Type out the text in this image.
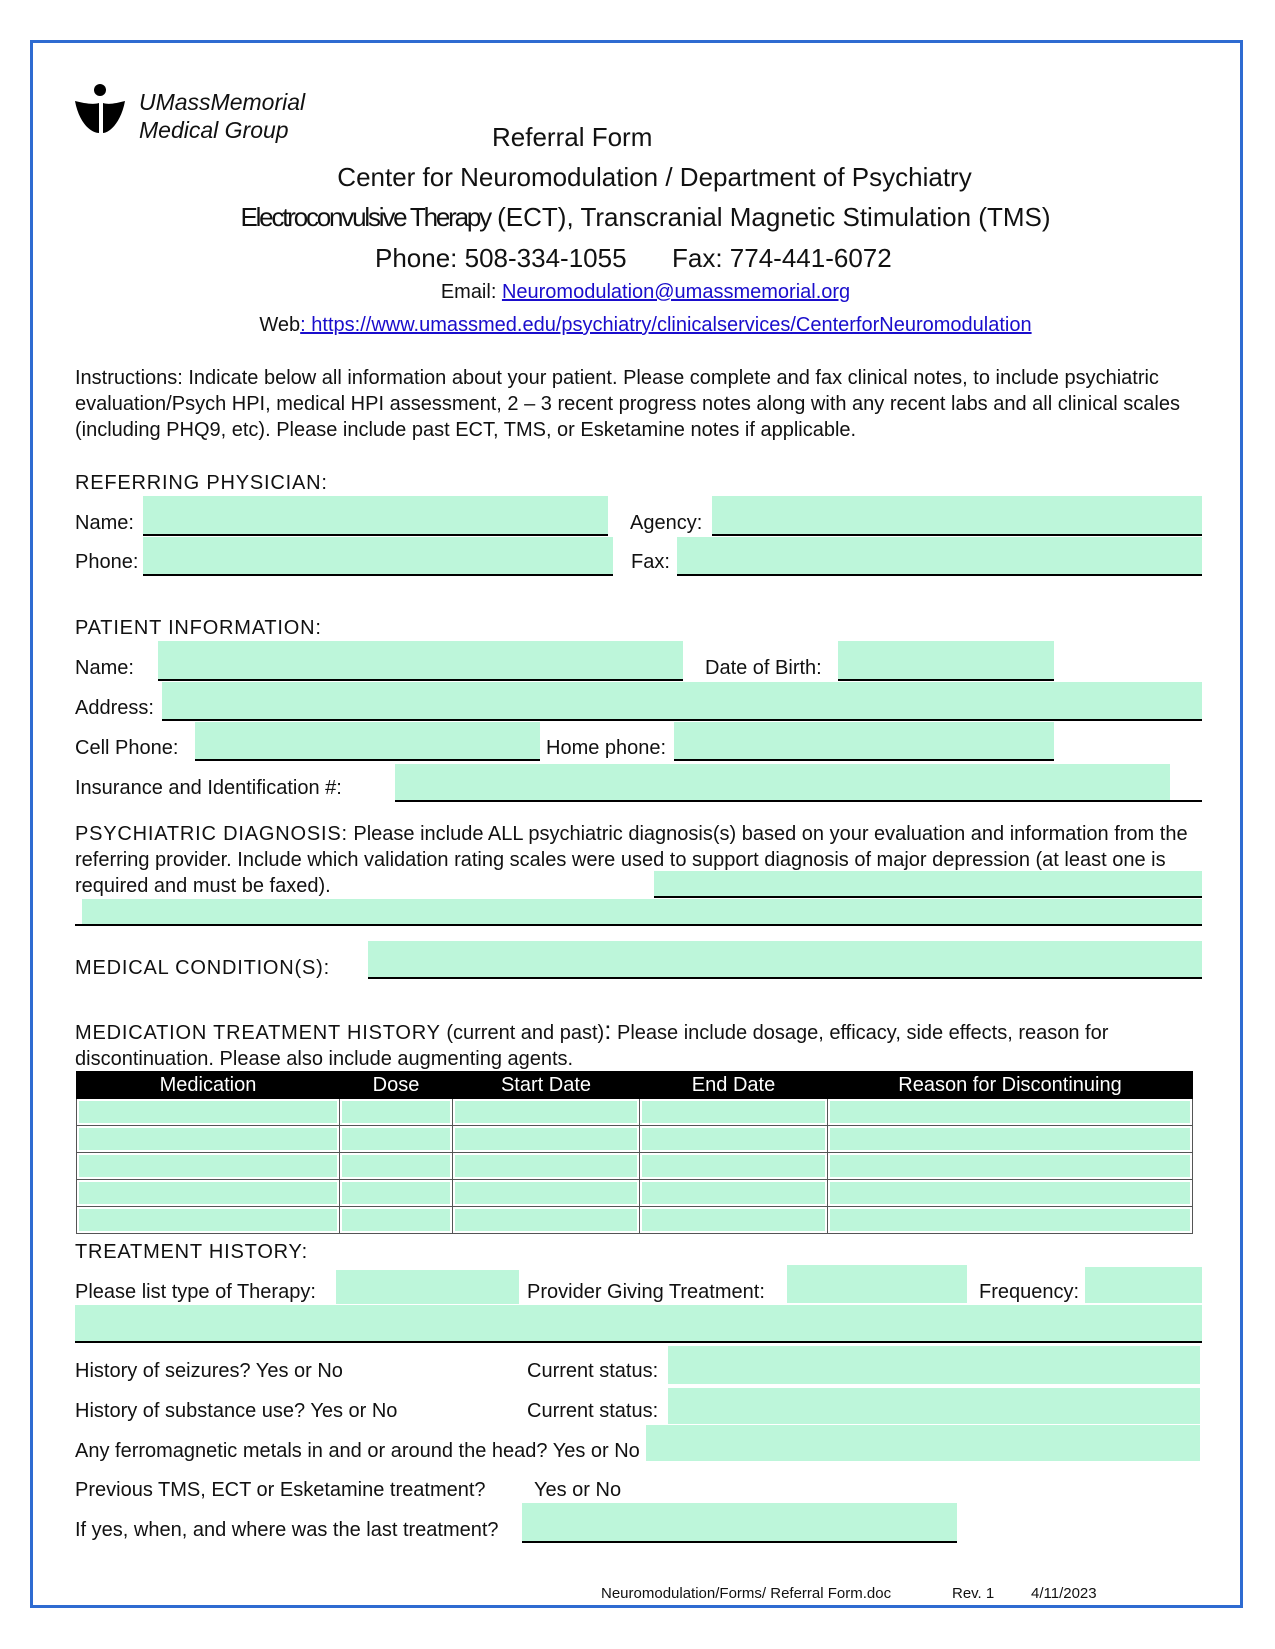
UMassMemorial
Medical Group	Referral Form
Center for Neuromodulation / Department of Psychiatry
Electroconvulsive Therapy (ECT), Transcranial Magnetic Stimulation (TMS)
Phone: 508-334-1055 Fax: 774-441-6072
Email: Neuromodulation@umassmemorial.org
Web: https://www.umassmed.edu/psychiatry/clinicalservices/CenterforNeuromodulation
Instructions: Indicate below all information about your patient. Please complete and fax clinical notes, to include psychiatric evaluation/Psych HPI, medical HPI assessment, 2 – 3 recent progress notes along with any recent labs and all clinical scales (including PHQ9, etc). Please include past ECT, TMS, or Esketamine notes if applicable.
REFERRING PHYSICIAN:
Name:	Agency:
Phone:	Fax:
PATIENT INFORMATION:
Name:	Date of Birth:
Address:
Cell Phone:	Home phone:
Insurance and Identification #:
PSYCHIATRIC DIAGNOSIS: Please include ALL psychiatric diagnosis(s) based on your evaluation and information from the referring provider. Include which validation rating scales were used to support diagnosis of major depression (at least one is required and must be faxed).
MEDICAL CONDITION(S):
MEDICATION TREATMENT HISTORY (current and past): Please include dosage, efficacy, side effects, reason for discontinuation. Please also include augmenting agents.
Medication	Dose	Start Date	End Date	Reason for Discontinuing

TREATMENT HISTORY:
Please list type of Therapy:	Provider Giving Treatment:	Frequency:
History of seizures? Yes or No	Current status:
History of substance use? Yes or No	Current status:
Any ferromagnetic metals in and or around the head? Yes or No
Previous TMS, ECT or Esketamine treatment? Yes or No
If yes, when, and where was the last treatment?
Neuromodulation/Forms/ Referral Form.doc	Rev. 1 4/11/2023
